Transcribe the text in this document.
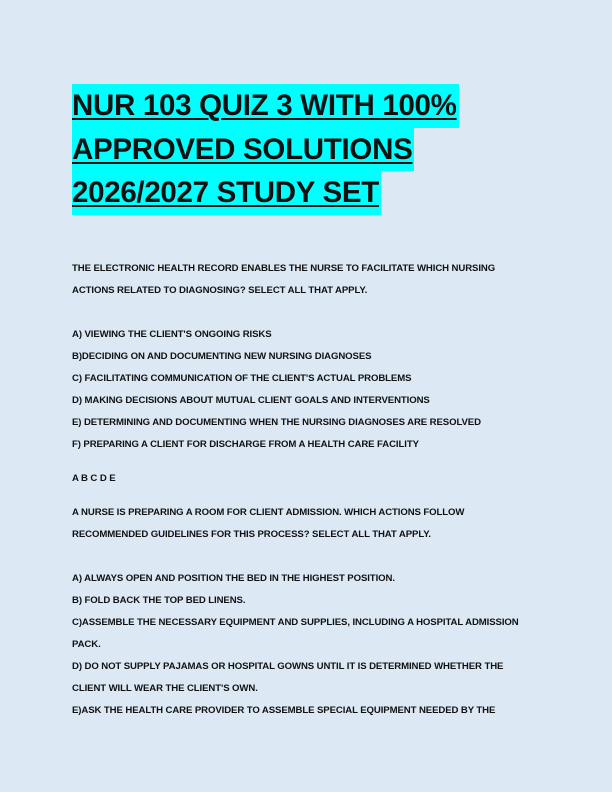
NUR 103 QUIZ 3 WITH 100%
APPROVED SOLUTIONS
2026/2027 STUDY SET

THE ELECTRONIC HEALTH RECORD ENABLES THE NURSE TO FACILITATE WHICH NURSING

ACTIONS RELATED TO DIAGNOSING? SELECT ALL THAT APPLY.

A) VIEWING THE CLIENT'S ONGOING RISKS

B)DECIDING ON AND DOCUMENTING NEW NURSING DIAGNOSES

C) FACILITATING COMMUNICATION OF THE CLIENT'S ACTUAL PROBLEMS

D) MAKING DECISIONS ABOUT MUTUAL CLIENT GOALS AND INTERVENTIONS

E) DETERMINING AND DOCUMENTING WHEN THE NURSING DIAGNOSES ARE RESOLVED

F) PREPARING A CLIENT FOR DISCHARGE FROM A HEALTH CARE FACILITY

A B C D E

A NURSE IS PREPARING A ROOM FOR CLIENT ADMISSION. WHICH ACTIONS FOLLOW

RECOMMENDED GUIDELINES FOR THIS PROCESS? SELECT ALL THAT APPLY.

A) ALWAYS OPEN AND POSITION THE BED IN THE HIGHEST POSITION.

B) FOLD BACK THE TOP BED LINENS.

C)ASSEMBLE THE NECESSARY EQUIPMENT AND SUPPLIES, INCLUDING A HOSPITAL ADMISSION

PACK.

D) DO NOT SUPPLY PAJAMAS OR HOSPITAL GOWNS UNTIL IT IS DETERMINED WHETHER THE

CLIENT WILL WEAR THE CLIENT'S OWN.

E)ASK THE HEALTH CARE PROVIDER TO ASSEMBLE SPECIAL EQUIPMENT NEEDED BY THE
